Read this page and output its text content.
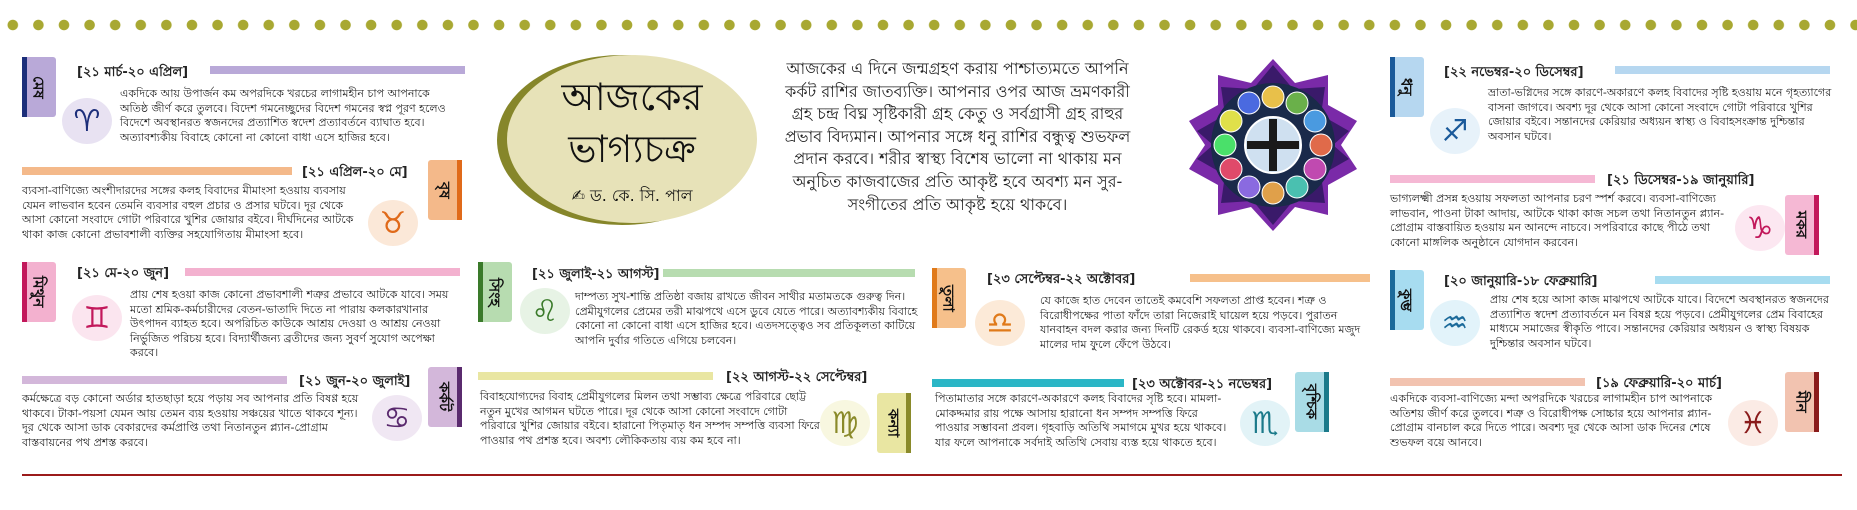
আজকের
ভাগ্যচক্র
✍ ড. কে. সি. পাল
আজকের এ দিনে জন্মগ্রহণ করায় পাশ্চাত্যমতে আপনি কর্কট রাশির জাতব্যক্তি। আপনার ওপর আজ ভ্রমণকারী গ্রহ চন্দ্র বিঘ্ন সৃষ্টিকারী গ্রহ কেতু ও সর্বগ্রাসী গ্রহ রাহুর প্রভাব বিদ্যমান। আপনার সঙ্গে ধনু রাশির বন্ধুত্ব শুভফল প্রদান করবে। শরীর স্বাস্থ্য বিশেষ ভালো না থাকায় মন অনুচিত কাজবাজের প্রতি আকৃষ্ট হবে অবশ্য মন সুর-সংগীতের প্রতি আকৃষ্ট হয়ে থাকবে।
[২১ মার্চ-২০ এপ্রিল]
মেষ
♈
একদিকে আয় উপার্জন কম অপরদিকে খরচের লাগামহীন চাপ আপনাকে অতিষ্ঠ জীর্ণ করে তুলবে। বিদেশ গমনেচ্ছুদের বিদেশ গমনের স্বপ্ন পূরণ হলেও বিদেশে অবস্থানরত স্বজনদের প্রত্যাশিত স্বদেশ প্রত্যাবর্তনে ব্যাঘাত হবে। অত্যাবশ্যকীয় বিবাহে কোনো না কোনো বাধা এসে হাজির হবে।
[২১ এপ্রিল-২০ মে]
বৃষ
♉
ব্যবসা-বাণিজ্যে অংশীদারদের সঙ্গের কলহ বিবাদের মীমাংসা হওয়ায় ব্যবসায় যেমন লাভবান হবেন তেমনি ব্যবসার বহুল প্রচার ও প্রসার ঘটবে। দূর থেকে আসা কোনো সংবাদে গোটা পরিবারে খুশির জোয়ার বইবে। দীর্ঘদিনের আটকে থাকা কাজ কোনো প্রভাবশালী ব্যক্তির সহযোগিতায় মীমাংসা হবে।
[২১ মে-২০ জুন]
মিথুন
♊
প্রায় শেষ হওয়া কাজ কোনো প্রভাবশালী শত্রুর প্রভাবে আটকে যাবে। সময় মতো শ্রমিক-কর্মচারীদের বেতন-ভাতাদি দিতে না পারায় কলকারখানার উৎপাদন ব্যাহত হবে। অপরিচিত কাউকে আশ্রয় দেওয়া ও আশ্রয় নেওয়া নির্ভুজিত পরিচয় হবে। বিদ্যার্থীজন্য ব্রতীদের জন্য সুবর্ণ সুযোগ অপেক্ষা করবে।
[২১ জুন-২০ জুলাই]
কর্কট
♋
কর্মক্ষেত্রে বড় কোনো অর্ডার হাতছাড়া হয়ে পড়ায় সব আপনার প্রতি বিষণ্ণ হয়ে থাকবে। টাকা-পয়সা যেমন আয় তেমন ব্যয় হওয়ায় সঞ্চয়ের খাতে থাকবে শূন্য। দূর থেকে আসা ডাক বেকারদের কর্মপ্রাপ্তি তথা নিতানতুন প্ল্যান-প্রোগ্রাম বাস্তবায়নের পথ প্রশস্ত করবে।
[২১ জুলাই-২১ আগস্ট]
সিংহ
♌	দাম্পত্য সুখ-শান্তি প্রতিষ্ঠা বজায় রাখতে জীবন সাথীর মতামতকে গুরুত্ব দিন। প্রেমীযুগলের প্রেমের তরী মাঝপথে এসে ডুবে যেতে পারে। অত্যাবশ্যকীয় বিবাহে কোনো না কোনো বাধা এসে হাজির হবে। এতদসত্ত্বেও সব প্রতিকূলতা কাটিয়ে আপনি দুর্বার গতিতে এগিয়ে চলবেন।
[২২ আগস্ট-২২ সেপ্টেম্বর]
কন্যা
♍
বিবাহযোগ্যদের বিবাহ প্রেমীযুগলের মিলন তথা সম্ভাব্য ক্ষেত্রে পরিবারে ছোট্ট নতুন মুখের আগমন ঘটতে পারে। দূর থেকে আসা কোনো সংবাদে গোটা পরিবারে খুশির জোয়ার বইবে। হারানো পিতৃমাতৃ ধন সম্পদ সম্পত্তি ব্যবসা ফিরে পাওয়ার পথ প্রশস্ত হবে। অবশ্য লৌকিকতায় ব্যয় কম হবে না।
[২৩ সেপ্টেম্বর-২২ অক্টোবর]
তুলা
♎
যে কাজে হাত দেবেন তাতেই কমবেশি সফলতা প্রাপ্ত হবেন। শত্রু ও বিরোধীপক্ষের পাতা ফাঁদে তারা নিজেরাই ঘায়েল হয়ে পড়বে। পুরাতন যানবাহন বদল করার জন্য দিনটি রেকর্ড হয়ে থাকবে। ব্যবসা-বাণিজ্যে মজুদ মালের দাম ফুলে ফেঁপে উঠবে।
[২৩ অক্টোবর-২১ নভেম্বর] বৃশ্চিক
♏
পিতামাতার সঙ্গে কারণে-অকারণে কলহ বিবাদের সৃষ্টি হবে। মামলা-মোকদ্দমার রায় পক্ষে আসায় হারানো ধন সম্পদ সম্পত্তি ফিরে পাওয়ার সম্ভাবনা প্রবল। গৃহবাড়ি অতিথি সমাগমে মুখর হয়ে থাকবে। যার ফলে আপনাকে সর্বদাই অতিথি সেবায় ব্যস্ত হয়ে থাকতে হবে।
[২২ নভেম্বর-২০ ডিসেম্বর]
ধনু
♐
ভ্রাতা-ভগ্নিদের সঙ্গে কারণে-অকারণে কলহ বিবাদের সৃষ্টি হওয়ায় মনে গৃহত্যাগের বাসনা জাগবে। অবশ্য দূর থেকে আসা কোনো সংবাদে গোটা পরিবারে খুশির জোয়ার বইবে। সন্তানদের কেরিয়ার অধ্যয়ন স্বাস্থ্য ও বিবাহসংক্রান্ত দুশ্চিন্তার অবসান ঘটবে।
[২১ ডিসেম্বর-১৯ জানুয়ারি]
মকর
♑
ভাগ্যলক্ষ্মী প্রসন্ন হওয়ায় সফলতা আপনার চরণ স্পর্শ করবে। ব্যবসা-বাণিজ্যে লাভবান, পাওনা টাকা আদায়, আটকে থাকা কাজ সচল তথা নিতানতুন প্ল্যান-প্রোগ্রাম বাস্তবায়িত হওয়ায় মন আনন্দে নাচবে। সপরিবারে কাছে পীঠে তথা কোনো মাঙ্গলিক অনুষ্ঠানে যোগদান করবেন।
[২০ জানুয়ারি-১৮ ফেব্রুয়ারি]
কুম্ভ
♒
প্রায় শেষ হয়ে আসা কাজ মাঝপথে আটকে যাবে। বিদেশে অবস্থানরত স্বজনদের প্রত্যাশিত স্বদেশ প্রত্যাবর্তনে মন বিষণ্ণ হয়ে পড়বে। প্রেমীযুগলের প্রেম বিবাহের মাধ্যমে সমাজের স্বীকৃতি পাবে। সন্তানদের কেরিয়ার অধ্যয়ন ও স্বাস্থ্য বিষয়ক দুশ্চিন্তার অবসান ঘটবে।
[১৯ ফেব্রুয়ারি-২০ মার্চ]
মীন
♓
একদিকে ব্যবসা-বাণিজ্যে মন্দা অপরদিকে খরচের লাগামহীন চাপ আপনাকে অতিশয় জীর্ণ করে তুলবে। শত্রু ও বিরোধীপক্ষ সোচ্চার হয়ে আপনার প্ল্যান-প্রোগ্রাম বানচাল করে দিতে পারে। অবশ্য দূর থেকে আসা ডাক দিনের শেষে শুভফল বয়ে আনবে।
